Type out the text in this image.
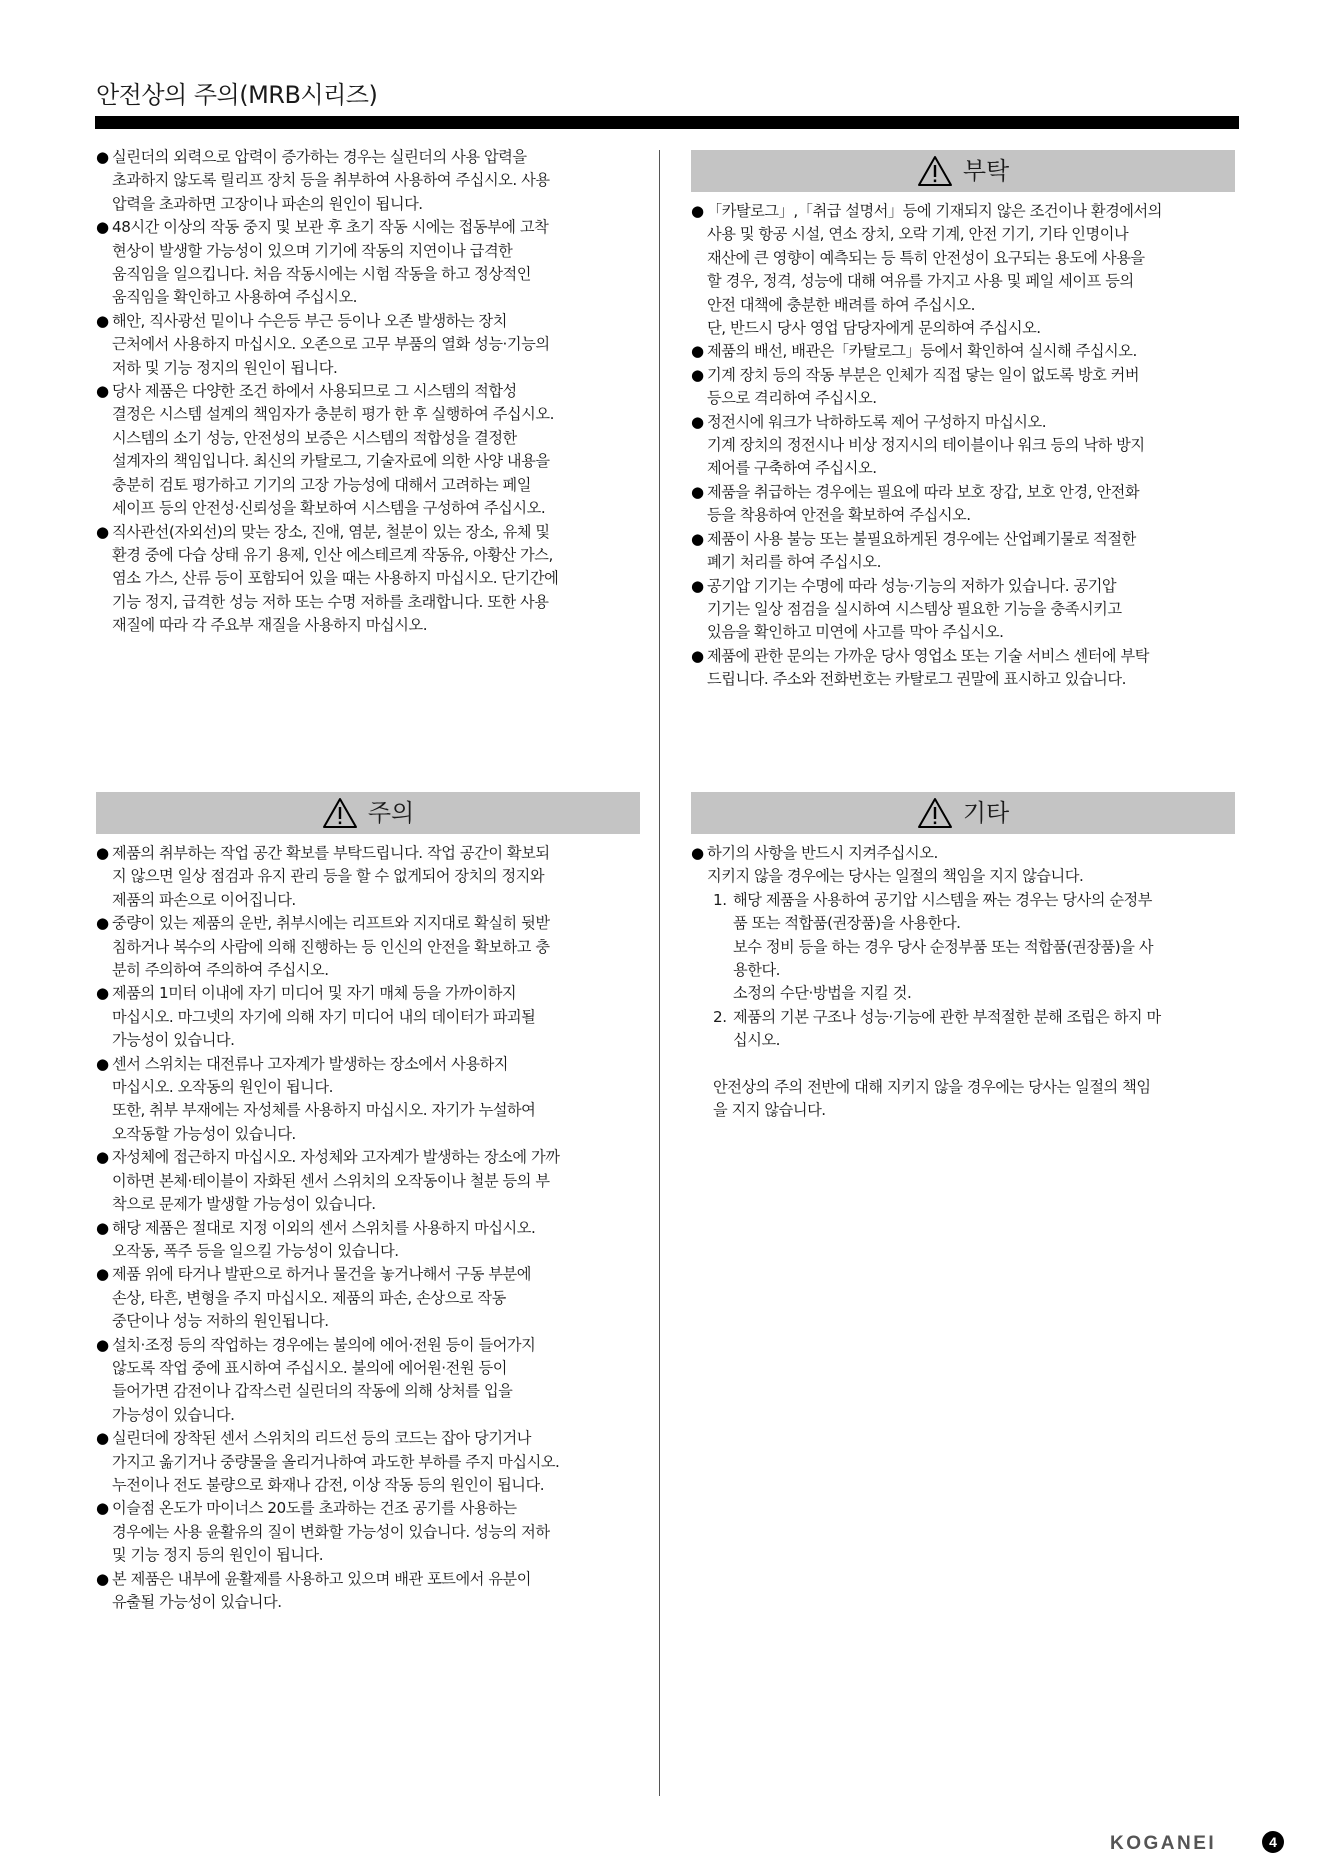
안전상의 주의(MRB시리즈)
● 실린더의 외력으로 압력이 증가하는 경우는 실린더의 사용 압력을
초과하지 않도록 릴리프 장치 등을 취부하여 사용하여 주십시오. 사용
압력을 초과하면 고장이나 파손의 원인이 됩니다.
● 48시간 이상의 작동 중지 및 보관 후 초기 작동 시에는 접동부에 고착
현상이 발생할 가능성이 있으며 기기에 작동의 지연이나 급격한
움직임을 일으킵니다. 처음 작동시에는 시험 작동을 하고 정상적인
움직임을 확인하고 사용하여 주십시오.
● 해안, 직사광선 밑이나 수은등 부근 등이나 오존 발생하는 장치
근처에서 사용하지 마십시오. 오존으로 고무 부품의 열화 성능·기능의
저하 및 기능 정지의 원인이 됩니다.
● 당사 제품은 다양한 조건 하에서 사용되므로 그 시스템의 적합성
결정은 시스템 설계의 책임자가 충분히 평가 한 후 실행하여 주십시오.
시스템의 소기 성능, 안전성의 보증은 시스템의 적합성을 결정한
설계자의 책임입니다. 최신의 카탈로그, 기술자료에 의한 사양 내용을
충분히 검토 평가하고 기기의 고장 가능성에 대해서 고려하는 페일
세이프 등의 안전성·신뢰성을 확보하여 시스템을 구성하여 주십시오.
● 직사관선(자외선)의 맞는 장소, 진애, 염분, 철분이 있는 장소, 유체 및
환경 중에 다습 상태 유기 용제, 인산 에스테르계 작동유, 아황산 가스,
염소 가스, 산류 등이 포함되어 있을 때는 사용하지 마십시오. 단기간에
기능 정지, 급격한 성능 저하 또는 수명 저하를 초래합니다. 또한 사용
재질에 따라 각 주요부 재질을 사용하지 마십시오.
주의
● 제품의 취부하는 작업 공간 확보를 부탁드립니다. 작업 공간이 확보되
지 않으면 일상 점검과 유지 관리 등을 할 수 없게되어 장치의 정지와
제품의 파손으로 이어집니다.
● 중량이 있는 제품의 운반, 취부시에는 리프트와 지지대로 확실히 뒷받
침하거나 복수의 사람에 의해 진행하는 등 인신의 안전을 확보하고 충
분히 주의하여 주의하여 주십시오.
● 제품의 1미터 이내에 자기 미디어 및 자기 매체 등을 가까이하지
마십시오. 마그넷의 자기에 의해 자기 미디어 내의 데이터가 파괴될
가능성이 있습니다.
● 센서 스위치는 대전류나 고자계가 발생하는 장소에서 사용하지
마십시오. 오작동의 원인이 됩니다.
또한, 취부 부재에는 자성체를 사용하지 마십시오. 자기가 누설하여
오작동할 가능성이 있습니다.
● 자성체에 접근하지 마십시오. 자성체와 고자계가 발생하는 장소에 가까
이하면 본체·테이블이 자화된 센서 스위치의 오작동이나 철분 등의 부
착으로 문제가 발생할 가능성이 있습니다.
● 해당 제품은 절대로 지정 이외의 센서 스위치를 사용하지 마십시오.
오작동, 폭주 등을 일으킬 가능성이 있습니다.
● 제품 위에 타거나 발판으로 하거나 물건을 놓거나해서 구동 부분에
손상, 타흔, 변형을 주지 마십시오. 제품의 파손, 손상으로 작동
중단이나 성능 저하의 원인됩니다.
● 설치·조정 등의 작업하는 경우에는 불의에 에어·전원 등이 들어가지
않도록 작업 중에 표시하여 주십시오. 불의에 에어원·전원 등이
들어가면 감전이나 갑작스런 실린더의 작동에 의해 상처를 입을
가능성이 있습니다.
● 실린더에 장착된 센서 스위치의 리드선 등의 코드는 잡아 당기거나
가지고 옮기거나 중량물을 올리거나하여 과도한 부하를 주지 마십시오.
누전이나 전도 불량으로 화재나 감전, 이상 작동 등의 원인이 됩니다.
● 이슬점 온도가 마이너스 20도를 초과하는 건조 공기를 사용하는
경우에는 사용 윤활유의 질이 변화할 가능성이 있습니다. 성능의 저하
및 기능 정지 등의 원인이 됩니다.
● 본 제품은 내부에 윤활제를 사용하고 있으며 배관 포트에서 유분이
유출될 가능성이 있습니다.
부탁
● 「카탈로그」,「취급 설명서」등에 기재되지 않은 조건이나 환경에서의
사용 및 항공 시설, 연소 장치, 오락 기계, 안전 기기, 기타 인명이나
재산에 큰 영향이 예측되는 등 특히 안전성이 요구되는 용도에 사용을
할 경우, 정격, 성능에 대해 여유를 가지고 사용 및 페일 세이프 등의
안전 대책에 충분한 배려를 하여 주십시오.
단, 반드시 당사 영업 담당자에게 문의하여 주십시오.
● 제품의 배선, 배관은「카탈로그」등에서 확인하여 실시해 주십시오.
● 기계 장치 등의 작동 부분은 인체가 직접 닿는 일이 없도록 방호 커버
등으로 격리하여 주십시오.
● 정전시에 워크가 낙하하도록 제어 구성하지 마십시오.
기계 장치의 정전시나 비상 정지시의 테이블이나 워크 등의 낙하 방지
제어를 구축하여 주십시오.
● 제품을 취급하는 경우에는 필요에 따라 보호 장갑, 보호 안경, 안전화
등을 착용하여 안전을 확보하여 주십시오.
● 제품이 사용 불능 또는 불필요하게된 경우에는 산업폐기물로 적절한
폐기 처리를 하여 주십시오.
● 공기압 기기는 수명에 따라 성능·기능의 저하가 있습니다. 공기압
기기는 일상 점검을 실시하여 시스템상 필요한 기능을 충족시키고
있음을 확인하고 미연에 사고를 막아 주십시오.
● 제품에 관한 문의는 가까운 당사 영업소 또는 기술 서비스 센터에 부탁
드립니다. 주소와 전화번호는 카탈로그 권말에 표시하고 있습니다.
기타
● 하기의 사항을 반드시 지켜주십시오.
지키지 않을 경우에는 당사는 일절의 책임을 지지 않습니다.
1. 해당 제품을 사용하여 공기압 시스템을 짜는 경우는 당사의 순정부
품 또는 적합품(권장품)을 사용한다.
보수 정비 등을 하는 경우 당사 순정부품 또는 적합품(권장품)을 사
용한다.
소정의 수단·방법을 지킬 것.
2. 제품의 기본 구조나 성능·기능에 관한 부적절한 분해 조립은 하지 마
십시오.
안전상의 주의 전반에 대해 지키지 않을 경우에는 당사는 일절의 책임
을 지지 않습니다.
KOGANEI	4
